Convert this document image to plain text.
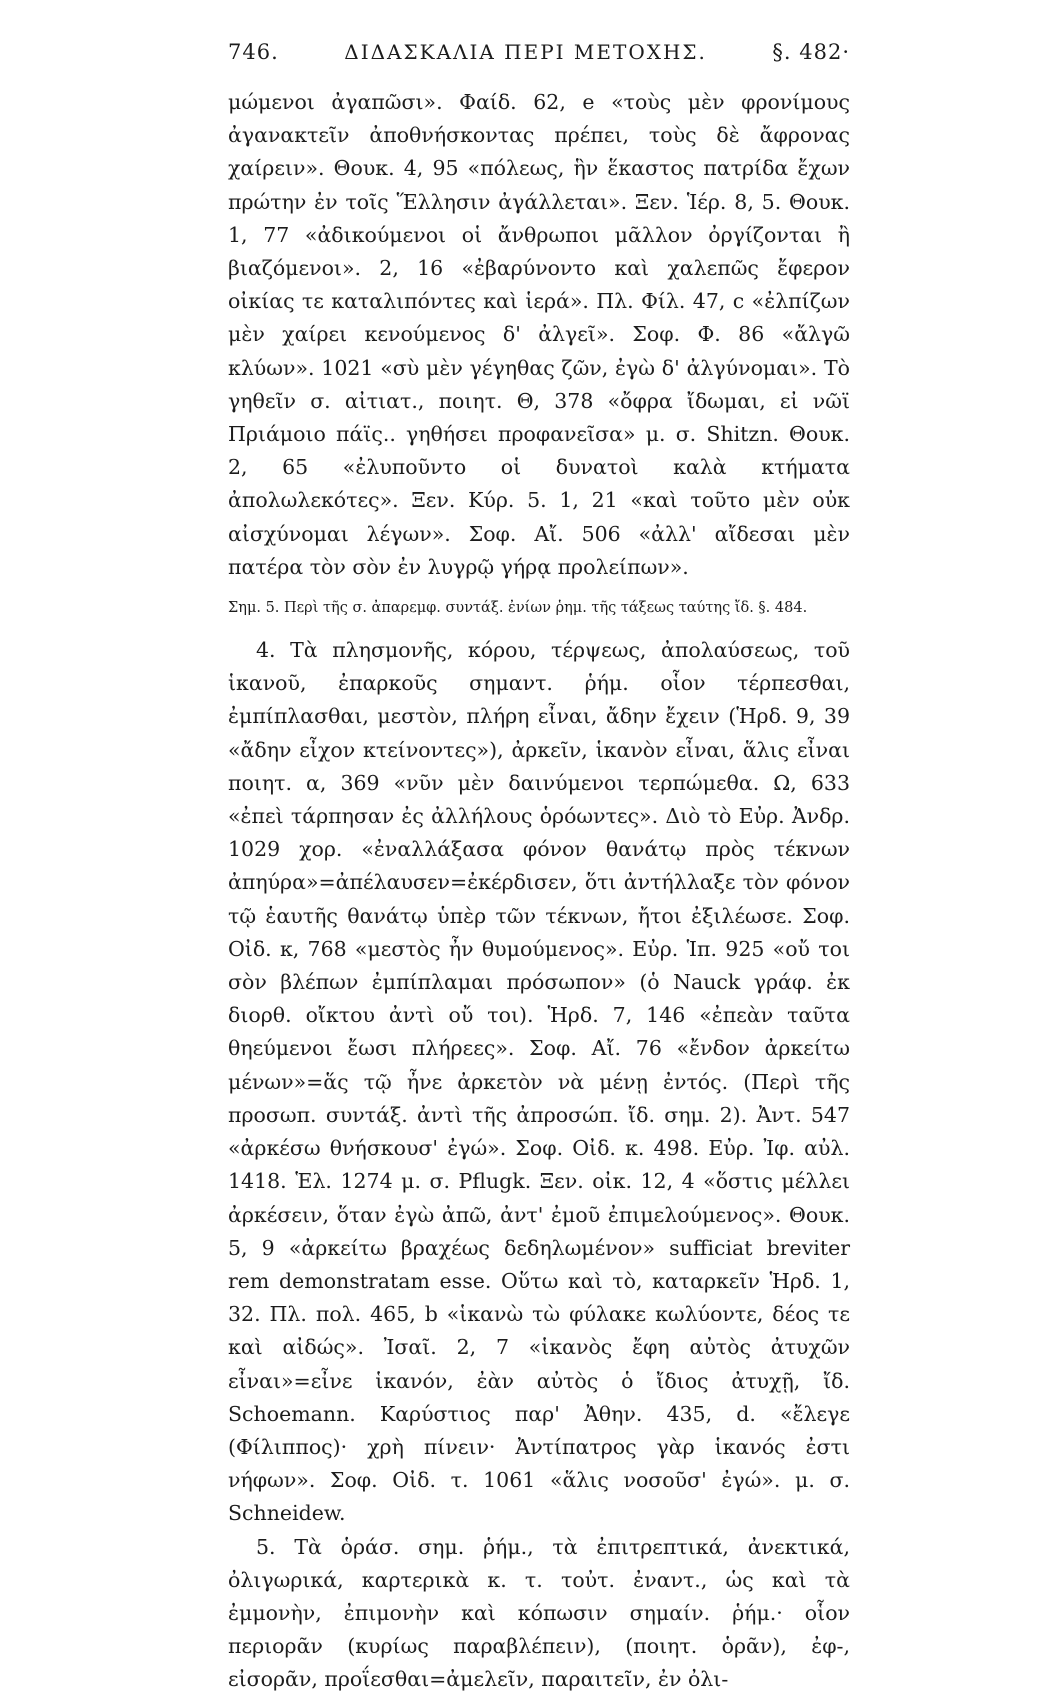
746.	ΔΙΔΑΣΚΑΛΙΑ ΠΕΡΙ ΜΕΤΟΧΗΣ.	§. 482·

μώμενοι ἀγαπῶσι». Φαίδ. 62, e «τοὺς μὲν φρονίμους ἀγανακτεῖν ἀποθνήσκοντας πρέπει, τοὺς δὲ ἄφρονας χαίρειν». Θουκ. 4, 95 «πόλεως, ἣν ἕκαστος πατρίδα ἔχων πρώτην ἐν τοῖς Ἕλλησιν ἀγάλλεται». Ξεν. Ἱέρ. 8, 5. Θουκ. 1, 77 «ἀδικούμενοι οἱ ἄνθρωποι μᾶλλον ὀργίζονται ἢ βιαζόμενοι». 2, 16 «ἐβαρύνοντο καὶ χαλεπῶς ἔφερον οἰκίας τε καταλιπόντες καὶ ἱερά». Πλ. Φίλ. 47, c «ἐλπίζων μὲν χαίρει κενούμενος δ' ἀλγεῖ». Σοφ. Φ. 86 «ἄλγῶ κλύων». 1021 «σὺ μὲν γέγηθας ζῶν, ἐγὼ δ' ἀλγύνομαι». Τὸ γηθεῖν σ. αἰτιατ., ποιητ. Θ, 378 «ὄφρα ἴδωμαι, εἰ νῶϊ Πριάμοιο πάϊς.. γηθήσει προφανεῖσα» μ. σ. Shitzn. Θουκ. 2, 65 «ἐλυποῦντο οἱ δυνατοὶ καλὰ κτήματα ἀπολωλεκότες». Ξεν. Κύρ. 5. 1, 21 «καὶ τοῦτο μὲν οὐκ αἰσχύνομαι λέγων». Σοφ. Αἴ. 506 «ἀλλ' αἴδεσαι μὲν πατέρα τὸν σὸν ἐν λυγρῷ γήρᾳ προλείπων».

Σημ. 5. Περὶ τῆς σ. ἀπαρεμφ. συντάξ. ἐνίων ῥημ. τῆς τάξεως ταύτης ἴδ. §. 484.

4. Τὰ πλησμονῆς, κόρου, τέρψεως, ἀπολαύσεως, τοῦ ἱκανοῦ, ἐπαρκοῦς σημαντ. ῥήμ. οἷον τέρπεσθαι, ἐμπίπλασθαι, μεστὸν, πλήρη εἶναι, ἄδην ἔχειν (Ἡρδ. 9, 39 «ἄδην εἶχον κτείνοντες»), ἀρκεῖν, ἱκανὸν εἶναι, ἅλις εἶναι ποιητ. α, 369 «νῦν μὲν δαινύμενοι τερπώμεθα. Ω, 633 «ἐπεὶ τάρπησαν ἐς ἀλλήλους ὁρόωντες». Διὸ τὸ Εὐρ. Ἀνδρ. 1029 χορ. «ἐναλλάξασα φόνον θανάτῳ πρὸς τέκνων ἀπηύρα»=ἀπέλαυσεν=ἐκέρδισεν, ὅτι ἀντήλλαξε τὸν φόνον τῷ ἑαυτῆς θανάτῳ ὑπὲρ τῶν τέκνων, ἤτοι ἐξιλέωσε. Σοφ. Οἰδ. κ, 768 «μεστὸς ἦν θυμούμενος». Εὐρ. Ἱπ. 925 «οὔ τοι σὸν βλέπων ἐμπίπλαμαι πρόσωπον» (ὁ Nauck γράφ. ἐκ διορθ. οἴκτου ἀντὶ οὔ τοι). Ἡρδ. 7, 146 «ἐπεὰν ταῦτα θηεύμενοι ἔωσι πλήρεες». Σοφ. Αἴ. 76 «ἔνδον ἀρκείτω μένων»=ἅς τῷ ἦνε ἀρκετὸν νὰ μένῃ ἐντός. (Περὶ τῆς προσωπ. συντάξ. ἀντὶ τῆς ἀπροσώπ. ἴδ. σημ. 2). Ἀντ. 547 «ἀρκέσω θνήσκουσ' ἐγώ». Σοφ. Οἰδ. κ. 498. Εὐρ. Ἰφ. αὐλ. 1418. Ἑλ. 1274 μ. σ. Pflugk. Ξεν. οἰκ. 12, 4 «ὅστις μέλλει ἀρκέσειν, ὅταν ἐγὼ ἀπῶ, ἀντ' ἐμοῦ ἐπιμελούμενος». Θουκ. 5, 9 «ἀρκείτω βραχέως δεδηλωμένον» sufficiat breviter rem demonstratam esse. Οὕτω καὶ τὸ, καταρκεῖν Ἡρδ. 1, 32. Πλ. πολ. 465, b «ἱκανὼ τὼ φύλακε κωλύοντε, δέος τε καὶ αἰδώς». Ἰσαῖ. 2, 7 «ἱκανὸς ἔφη αὐτὸς ἀτυχῶν εἶναι»=εἶνε ἱκανόν, ἐὰν αὐτὸς ὁ ἴδιος ἀτυχῇ, ἴδ. Schoemann. Καρύστιος παρ' Ἀθην. 435, d. «ἔλεγε (Φίλιππος)· χρὴ πίνειν· Ἀντίπατρος γὰρ ἱκανός ἐστι νήφων». Σοφ. Οἰδ. τ. 1061 «ἅλις νοσοῦσ' ἐγώ». μ. σ. Schneidew.

5. Τὰ ὁράσ. σημ. ῥήμ., τὰ ἐπιτρεπτικά, ἀνεκτικά, ὀλιγωρικά, καρτερικὰ κ. τ. τοὐτ. ἐναντ., ὡς καὶ τὰ ἐμμονὴν, ἐπιμονὴν καὶ κόπωσιν σημαίν. ῥήμ.· οἷον περιορᾶν (κυρίως παραβλέπειν), (ποιητ. ὁρᾶν), ἐφ-, εἰσορᾶν, προΐεσθαι=ἀμελεῖν, παραιτεῖν, ἐν ὀλι-
